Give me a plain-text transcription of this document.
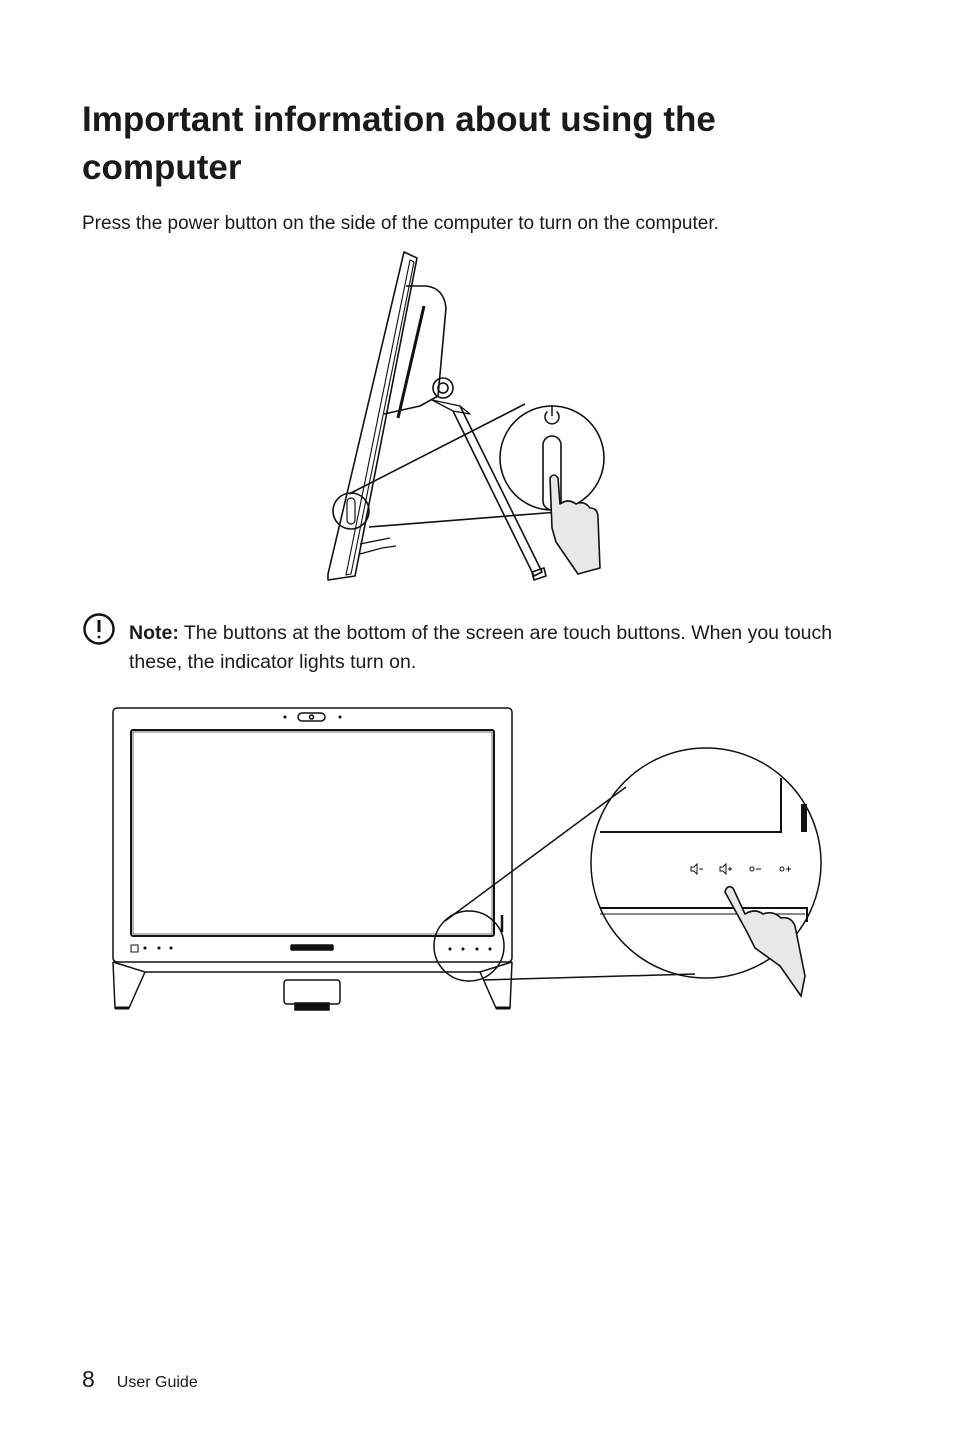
Important information about using the computer

Press the power button on the side of the computer to turn on the computer.

Note: The buttons at the bottom of the screen are touch buttons. When you touch these, the indicator lights turn on.

8 User Guide
